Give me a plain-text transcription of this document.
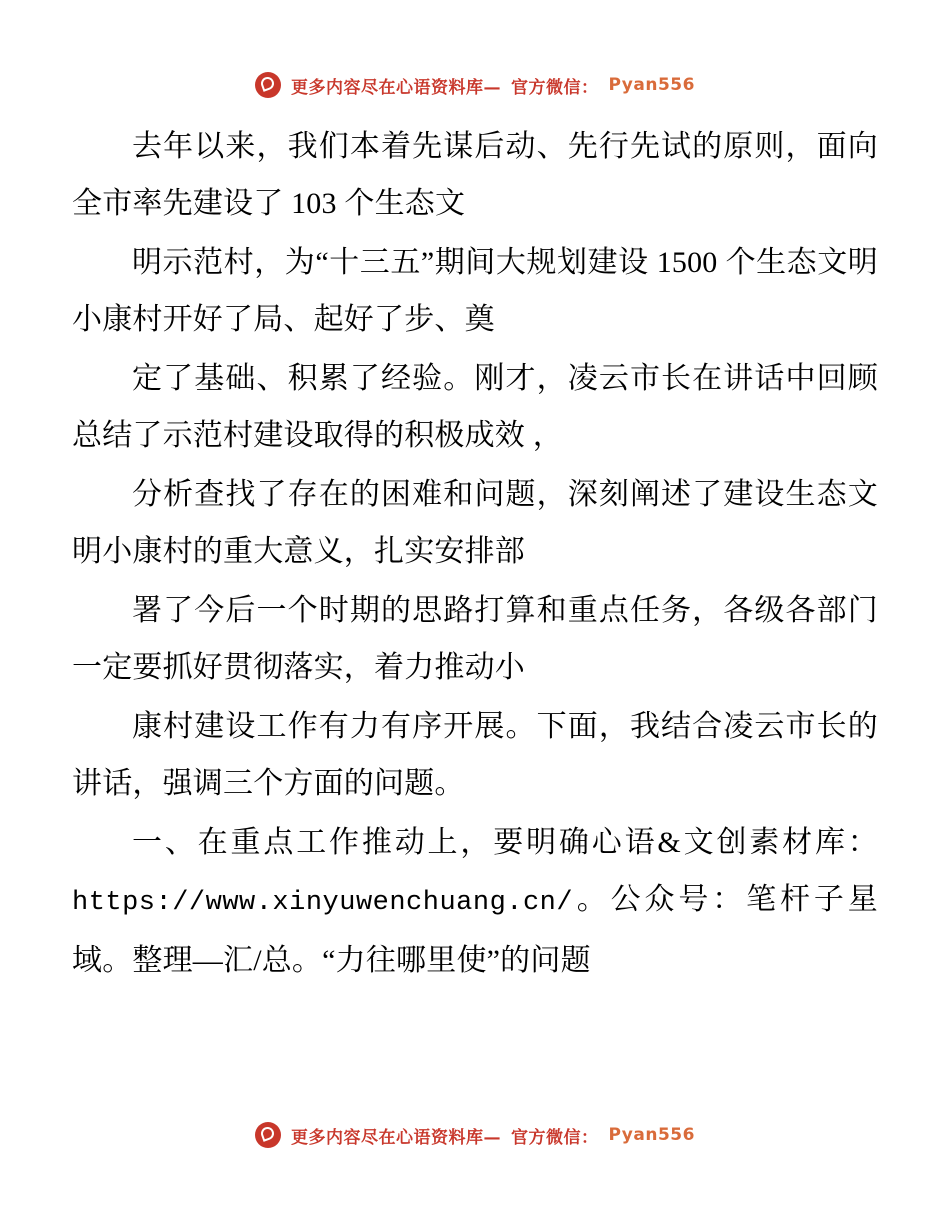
更多内容尽在心语资料库— 官方微信： Pyan556

去年以来，我们本着先谋后动、先行先试的原则，面向全市率先建设了 103 个生态文

明示范村，为“十三五”期间大规划建设 1500 个生态文明小康村开好了局、起好了步、奠

定了基础、积累了经验。刚才，凌云市长在讲话中回顾总结了示范村建设取得的积极成效 ，

分析查找了存在的困难和问题，深刻阐述了建设生态文明小康村的重大意义，扎实安排部

署了今后一个时期的思路打算和重点任务，各级各部门一定要抓好贯彻落实，着力推动小

康村建设工作有力有序开展。下面，我结合凌云市长的讲话，强调三个方面的问题。

一、在重点工作推动上，要明确心语&文创素材库：https://www.xinyuwenchuang.cn/。公众号：笔杆子星域。整理—汇/总。“力往哪里使”的问题

更多内容尽在心语资料库— 官方微信： Pyan556
